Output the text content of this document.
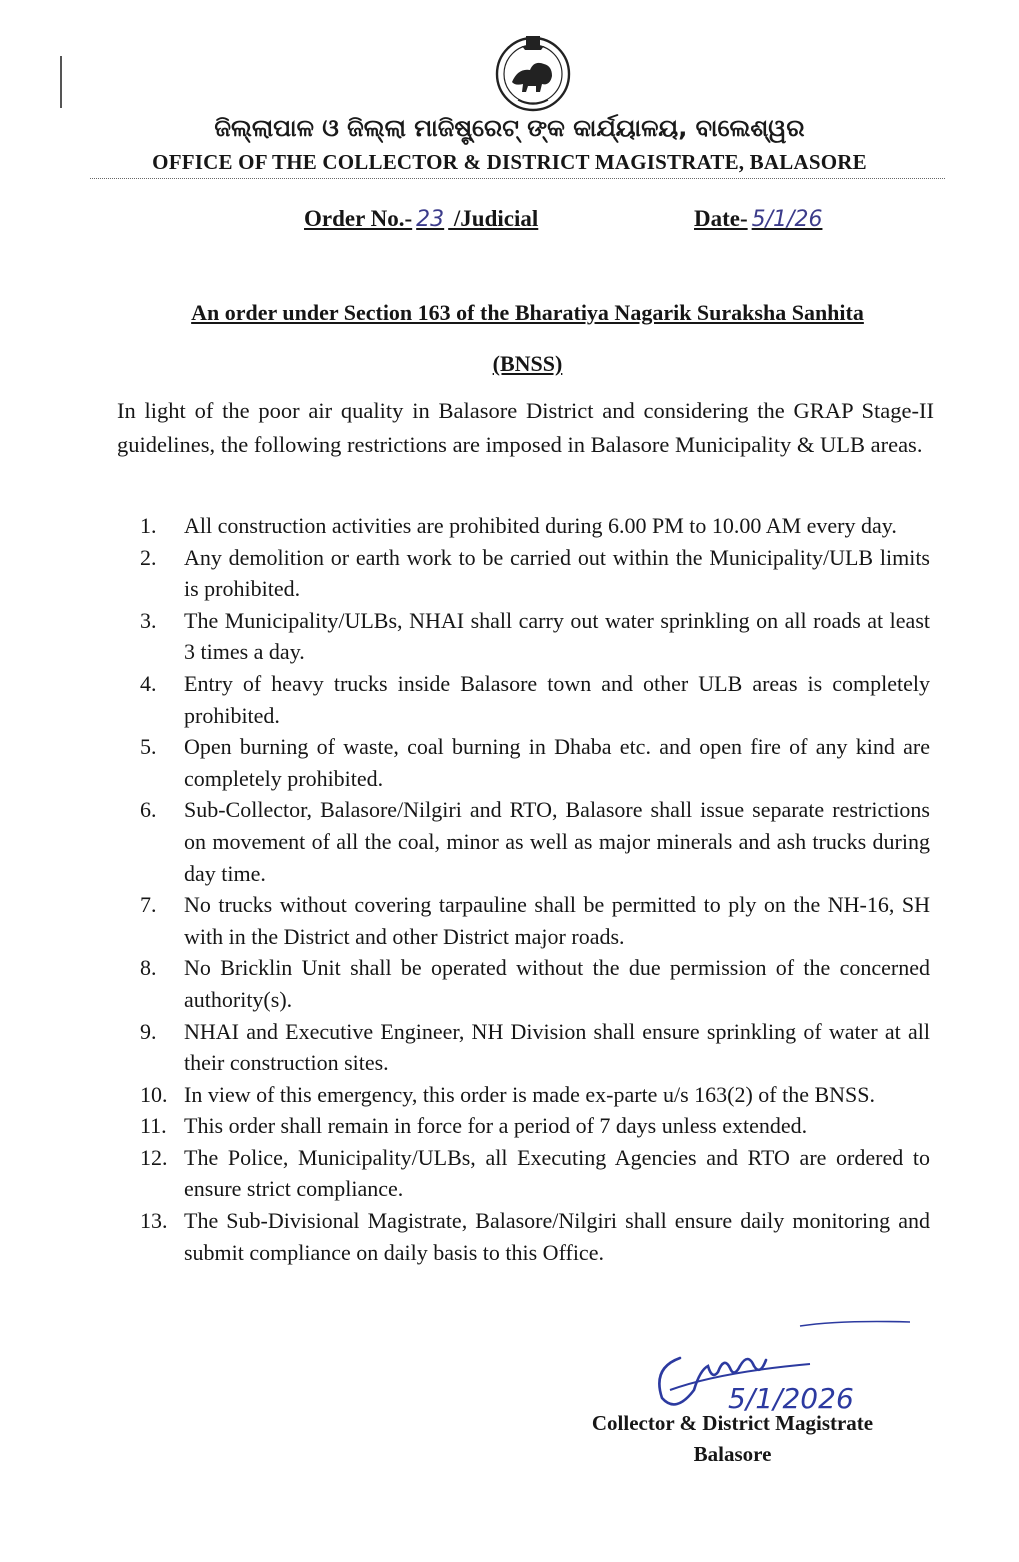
ଜିଲ୍ଲାପାଳ ଓ ଜିଲ୍ଲା ମାଜିଷ୍ଟ୍ରେଟ୍ ଙ୍କ କାର୍ଯ୍ୟାଳୟ, ବାଲେଶ୍ୱର
OFFICE OF THE COLLECTOR & DISTRICT MAGISTRATE, BALASORE
Order No.- 23 /Judicial	Date- 5/1/26
An order under Section 163 of the Bharatiya Nagarik Suraksha Sanhita
(BNSS)
In light of the poor air quality in Balasore District and considering the GRAP Stage-II guidelines, the following restrictions are imposed in Balasore Municipality & ULB areas.
1. All construction activities are prohibited during 6.00 PM to 10.00 AM every day.
2. Any demolition or earth work to be carried out within the Municipality/ULB limits is prohibited.
3. The Municipality/ULBs, NHAI shall carry out water sprinkling on all roads at least 3 times a day.
4. Entry of heavy trucks inside Balasore town and other ULB areas is completely prohibited.
5. Open burning of waste, coal burning in Dhaba etc. and open fire of any kind are completely prohibited.
6. Sub-Collector, Balasore/Nilgiri and RTO, Balasore shall issue separate restrictions on movement of all the coal, minor as well as major minerals and ash trucks during day time.
7. No trucks without covering tarpauline shall be permitted to ply on the NH-16, SH with in the District and other District major roads.
8. No Bricklin Unit shall be operated without the due permission of the concerned authority(s).
9. NHAI and Executive Engineer, NH Division shall ensure sprinkling of water at all their construction sites.
10. In view of this emergency, this order is made ex-parte u/s 163(2) of the BNSS.
11. This order shall remain in force for a period of 7 days unless extended.
12. The Police, Municipality/ULBs, all Executing Agencies and RTO are ordered to ensure strict compliance.
13. The Sub-Divisional Magistrate, Balasore/Nilgiri shall ensure daily monitoring and submit compliance on daily basis to this Office.
5/1/2026
Collector & District Magistrate
Balasore
